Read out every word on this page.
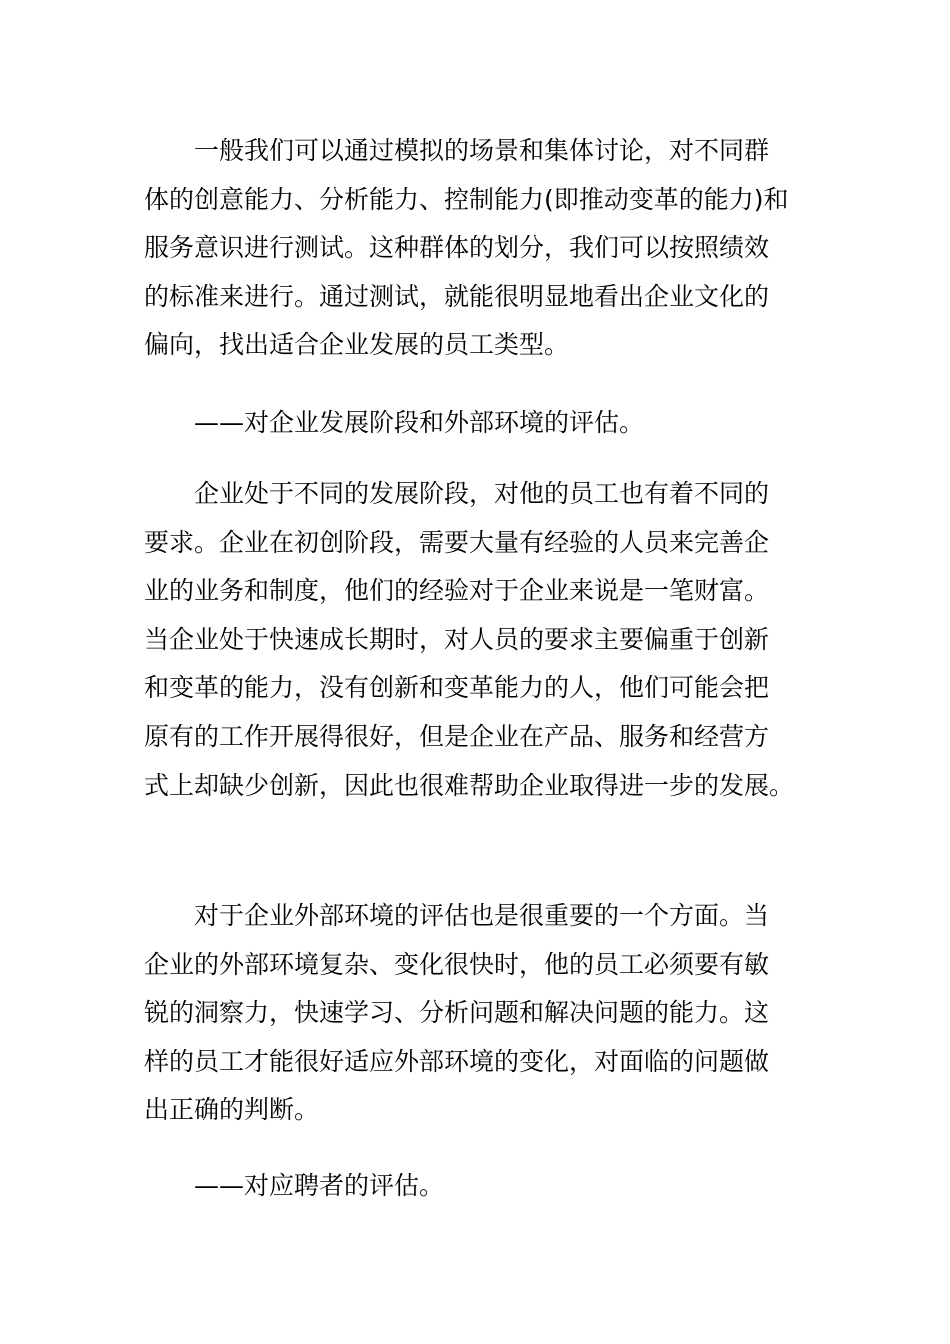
一般我们可以通过模拟的场景和集体讨论，对不同群
体的创意能力、分析能力、控制能力(即推动变革的能力)和
服务意识进行测试。这种群体的划分，我们可以按照绩效
的标准来进行。通过测试，就能很明显地看出企业文化的
偏向，找出适合企业发展的员工类型。
——对企业发展阶段和外部环境的评估。
企业处于不同的发展阶段，对他的员工也有着不同的
要求。企业在初创阶段，需要大量有经验的人员来完善企
业的业务和制度，他们的经验对于企业来说是一笔财富。
当企业处于快速成长期时，对人员的要求主要偏重于创新
和变革的能力，没有创新和变革能力的人，他们可能会把
原有的工作开展得很好，但是企业在产品、服务和经营方
式上却缺少创新，因此也很难帮助企业取得进一步的发展。
对于企业外部环境的评估也是很重要的一个方面。当
企业的外部环境复杂、变化很快时，他的员工必须要有敏
锐的洞察力，快速学习、分析问题和解决问题的能力。这
样的员工才能很好适应外部环境的变化，对面临的问题做
出正确的判断。
——对应聘者的评估。
